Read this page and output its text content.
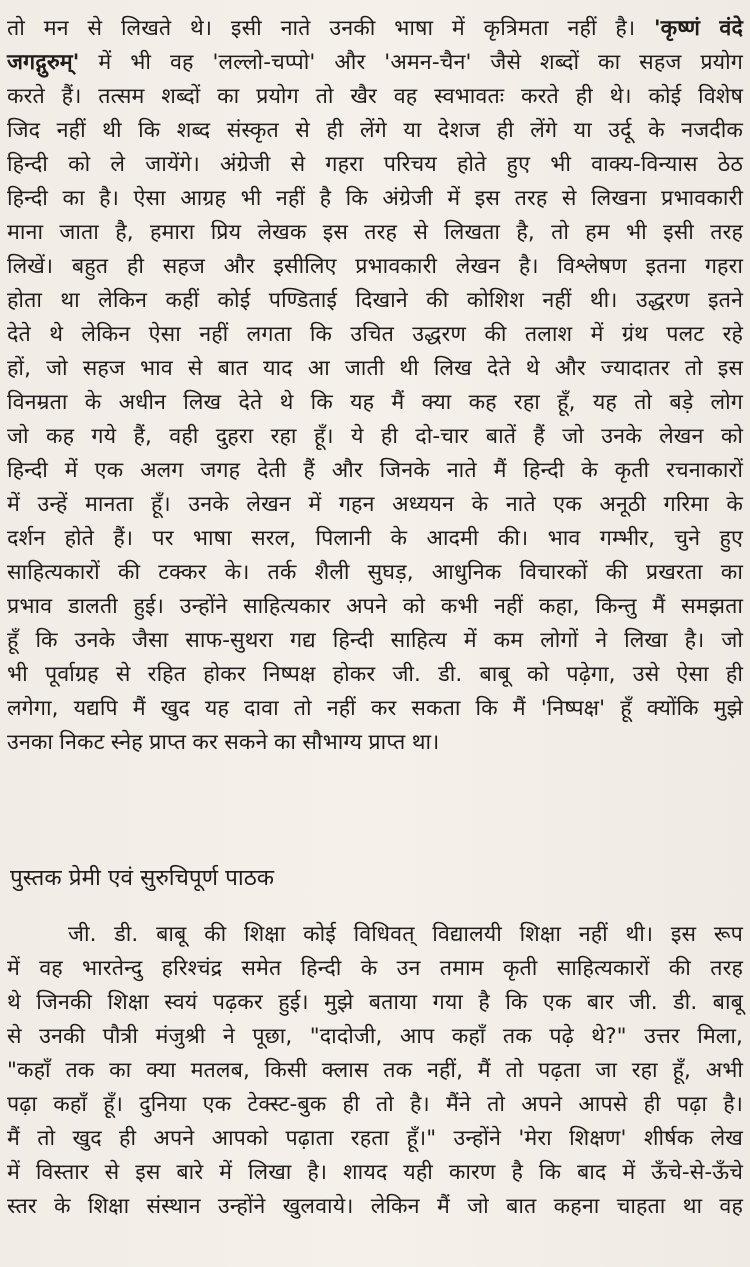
तो मन से लिखते थे। इसी नाते उनकी भाषा में कृत्रिमता नहीं है। 'कृष्णं वंदे
जगद्गुरुम्' में भी वह 'लल्लो-चप्पो' और 'अमन-चैन' जैसे शब्दों का सहज प्रयोग
करते हैं। तत्सम शब्दों का प्रयोग तो खैर वह स्वभावतः करते ही थे। कोई विशेष
जिद नहीं थी कि शब्द संस्कृत से ही लेंगे या देशज ही लेंगे या उर्दू के नजदीक
हिन्दी को ले जायेंगे। अंग्रेजी से गहरा परिचय होते हुए भी वाक्य-विन्यास ठेठ
हिन्दी का है। ऐसा आग्रह भी नहीं है कि अंग्रेजी में इस तरह से लिखना प्रभावकारी
माना जाता है, हमारा प्रिय लेखक इस तरह से लिखता है, तो हम भी इसी तरह
लिखें। बहुत ही सहज और इसीलिए प्रभावकारी लेखन है। विश्लेषण इतना गहरा
होता था लेकिन कहीं कोई पण्डिताई दिखाने की कोशिश नहीं थी। उद्धरण इतने
देते थे लेकिन ऐसा नहीं लगता कि उचित उद्धरण की तलाश में ग्रंथ पलट रहे
हों, जो सहज भाव से बात याद आ जाती थी लिख देते थे और ज्यादातर तो इस
विनम्रता के अधीन लिख देते थे कि यह मैं क्या कह रहा हूँ, यह तो बड़े लोग
जो कह गये हैं, वही दुहरा रहा हूँ। ये ही दो-चार बातें हैं जो उनके लेखन को
हिन्दी में एक अलग जगह देती हैं और जिनके नाते मैं हिन्दी के कृती रचनाकारों
में उन्हें मानता हूँ। उनके लेखन में गहन अध्ययन के नाते एक अनूठी गरिमा के
दर्शन होते हैं। पर भाषा सरल, पिलानी के आदमी की। भाव गम्भीर, चुने हुए
साहित्यकारों की टक्कर के। तर्क शैली सुघड़, आधुनिक विचारकों की प्रखरता का
प्रभाव डालती हुई। उन्होंने साहित्यकार अपने को कभी नहीं कहा, किन्तु मैं समझता
हूँ कि उनके जैसा साफ-सुथरा गद्य हिन्दी साहित्य में कम लोगों ने लिखा है। जो
भी पूर्वाग्रह से रहित होकर निष्पक्ष होकर जी. डी. बाबू को पढ़ेगा, उसे ऐसा ही
लगेगा, यद्यपि मैं खुद यह दावा तो नहीं कर सकता कि मैं 'निष्पक्ष' हूँ क्योंकि मुझे
उनका निकट स्नेह प्राप्त कर सकने का सौभाग्य प्राप्त था।
पुस्तक प्रेमी एवं सुरुचिपूर्ण पाठक
जी. डी. बाबू की शिक्षा कोई विधिवत् विद्यालयी शिक्षा नहीं थी। इस रूप
में वह भारतेन्दु हरिश्चंद्र समेत हिन्दी के उन तमाम कृती साहित्यकारों की तरह
थे जिनकी शिक्षा स्वयं पढ़कर हुई। मुझे बताया गया है कि एक बार जी. डी. बाबू
से उनकी पौत्री मंजुश्री ने पूछा, "दादोजी, आप कहाँ तक पढ़े थे?" उत्तर मिला,
"कहाँ तक का क्या मतलब, किसी क्लास तक नहीं, मैं तो पढ़ता जा रहा हूँ, अभी
पढ़ा कहाँ हूँ। दुनिया एक टेक्स्ट-बुक ही तो है। मैंने तो अपने आपसे ही पढ़ा है।
मैं तो खुद ही अपने आपको पढ़ाता रहता हूँ।" उन्होंने 'मेरा शिक्षण' शीर्षक लेख
में विस्तार से इस बारे में लिखा है। शायद यही कारण है कि बाद में ऊँचे-से-ऊँचे
स्तर के शिक्षा संस्थान उन्होंने खुलवाये। लेकिन मैं जो बात कहना चाहता था वह
